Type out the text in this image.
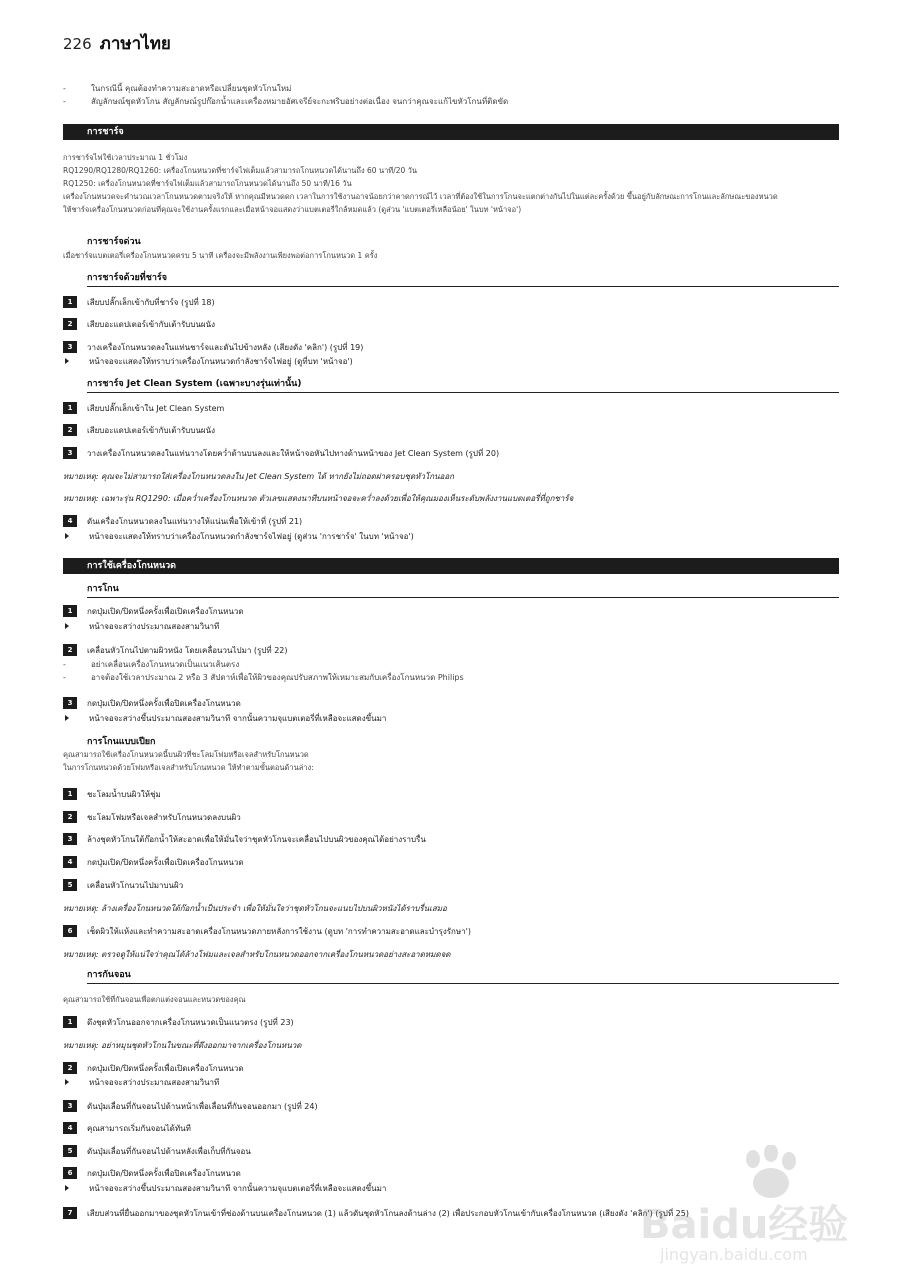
226 ภาษาไทย
- ในกรณีนี้ คุณต้องทำความสะอาดหรือเปลี่ยนชุดหัวโกนใหม่
- สัญลักษณ์ชุดหัวโกน สัญลักษณ์รูปก๊อกน้ำและเครื่องหมายอัศเจรีย์จะกะพริบอย่างต่อเนื่อง จนกว่าคุณจะแก้ไขหัวโกนที่ติดขัด
การชาร์จ
การชาร์จไฟใช้เวลาประมาณ 1 ชั่วโมง
RQ1290/RQ1280/RQ1260: เครื่องโกนหนวดที่ชาร์จไฟเต็มแล้วสามารถโกนหนวดได้นานถึง 60 นาที/20 วัน
RQ1250: เครื่องโกนหนวดที่ชาร์จไฟเต็มแล้วสามารถโกนหนวดได้นานถึง 50 นาที/16 วัน
เครื่องโกนหนวดจะคำนวณเวลาโกนหนวดตามจริงให้ หากคุณมีหนวดดก เวลาในการใช้งานอาจน้อยกว่าคาดการณ์ไว้ เวลาที่ต้องใช้ในการโกนจะแตกต่างกันไปในแต่ละครั้งด้วย ขึ้นอยู่กับลักษณะการโกนและลักษณะของหนวด
ให้ชาร์จเครื่องโกนหนวดก่อนที่คุณจะใช้งานครั้งแรกและเมื่อหน้าจอแสดงว่าแบตเตอรี่ใกล้หมดแล้ว (ดูส่วน 'แบตเตอรี่เหลือน้อย' ในบท 'หน้าจอ')
การชาร์จด่วน
เมื่อชาร์จแบตเตอรี่เครื่องโกนหนวดครบ 5 นาที เครื่องจะมีพลังงานเพียงพอต่อการโกนหนวด 1 ครั้ง
การชาร์จด้วยที่ชาร์จ
1	เสียบปลั๊กเล็กเข้ากับที่ชาร์จ (รูปที่ 18)
2	เสียบอะแดปเตอร์เข้ากับเต้ารับบนผนัง
3	วางเครื่องโกนหนวดลงในแท่นชาร์จและดันไปข้างหลัง (เสียงดัง 'คลิก') (รูปที่ 19)
หน้าจอจะแสดงให้ทราบว่าเครื่องโกนหนวดกำลังชาร์จไฟอยู่ (ดูที่บท 'หน้าจอ')
การชาร์จ Jet Clean System (เฉพาะบางรุ่นเท่านั้น)
1	เสียบปลั๊กเล็กเข้าใน Jet Clean System
2	เสียบอะแดปเตอร์เข้ากับเต้ารับบนผนัง
3	วางเครื่องโกนหนวดลงในแท่นวางโดยคว่ำด้านบนลงและให้หน้าจอหันไปทางด้านหน้าของ Jet Clean System (รูปที่ 20)
หมายเหตุ: คุณจะไม่สามารถใส่เครื่องโกนหนวดลงใน Jet Clean System ได้ หากยังไม่ถอดฝาครอบชุดหัวโกนออก
หมายเหตุ: เฉพาะรุ่น RQ1290: เมื่อคว่ำเครื่องโกนหนวด ตัวเลขแสดงนาทีบนหน้าจอจะคว่ำลงด้วยเพื่อให้คุณมองเห็นระดับพลังงานแบตเตอรี่ที่ถูกชาร์จ
4	ดันเครื่องโกนหนวดลงในแท่นวางให้แน่นเพื่อให้เข้าที่ (รูปที่ 21)
หน้าจอจะแสดงให้ทราบว่าเครื่องโกนหนวดกำลังชาร์จไฟอยู่ (ดูส่วน 'การชาร์จ' ในบท 'หน้าจอ')
การใช้เครื่องโกนหนวด
การโกน
1	กดปุ่มเปิด/ปิดหนึ่งครั้งเพื่อเปิดเครื่องโกนหนวด
หน้าจอจะสว่างประมาณสองสามวินาที
2	เคลื่อนหัวโกนไปตามผิวหนัง โดยเคลื่อนวนไปมา (รูปที่ 22)
- อย่าเคลื่อนเครื่องโกนหนวดเป็นแนวเส้นตรง
- อาจต้องใช้เวลาประมาณ 2 หรือ 3 สัปดาห์เพื่อให้ผิวของคุณปรับสภาพให้เหมาะสมกับเครื่องโกนหนวด Philips
3	กดปุ่มเปิด/ปิดหนึ่งครั้งเพื่อปิดเครื่องโกนหนวด
หน้าจอจะสว่างขึ้นประมาณสองสามวินาที จากนั้นความจุแบตเตอรี่ที่เหลือจะแสดงขึ้นมา
การโกนแบบเปียก
คุณสามารถใช้เครื่องโกนหนวดนี้บนผิวที่ชะโลมโฟมหรือเจลสำหรับโกนหนวด
ในการโกนหนวดด้วยโฟมหรือเจลสำหรับโกนหนวด ให้ทำตามขั้นตอนด้านล่าง:
1	ชะโลมน้ำบนผิวให้ชุ่ม
2	ชะโลมโฟมหรือเจลสำหรับโกนหนวดลงบนผิว
3	ล้างชุดหัวโกนใต้ก๊อกน้ำให้สะอาดเพื่อให้มั่นใจว่าชุดหัวโกนจะเคลื่อนไปบนผิวของคุณได้อย่างราบรื่น
4	กดปุ่มเปิด/ปิดหนึ่งครั้งเพื่อเปิดเครื่องโกนหนวด
5	เคลื่อนหัวโกนวนไปมาบนผิว
หมายเหตุ: ล้างเครื่องโกนหนวดใต้ก๊อกน้ำเป็นประจำ เพื่อให้มั่นใจว่าชุดหัวโกนจะแนบไปบนผิวหนังได้ราบรื่นเสมอ
6	เช็ดผิวให้แห้งและทำความสะอาดเครื่องโกนหนวดภายหลังการใช้งาน (ดูบท 'การทำความสะอาดและบำรุงรักษา')
หมายเหตุ: ตรวจดูให้แน่ใจว่าคุณได้ล้างโฟมและเจลสำหรับโกนหนวดออกจากเครื่องโกนหนวดอย่างสะอาดหมดจด
การกันจอน
คุณสามารถใช้ที่กันจอนเพื่อตกแต่งจอนและหนวดของคุณ
1	ดึงชุดหัวโกนออกจากเครื่องโกนหนวดเป็นแนวตรง (รูปที่ 23)
หมายเหตุ: อย่าหมุนชุดหัวโกนในขณะที่ดึงออกมาจากเครื่องโกนหนวด
2	กดปุ่มเปิด/ปิดหนึ่งครั้งเพื่อเปิดเครื่องโกนหนวด
หน้าจอจะสว่างประมาณสองสามวินาที
3	ดันปุ่มเลื่อนที่กันจอนไปด้านหน้าเพื่อเลื่อนที่กันจอนออกมา (รูปที่ 24)
4	คุณสามารถเริ่มกันจอนได้ทันที
5	ดันปุ่มเลื่อนที่กันจอนไปด้านหลังเพื่อเก็บที่กันจอน
6	กดปุ่มเปิด/ปิดหนึ่งครั้งเพื่อปิดเครื่องโกนหนวด
หน้าจอจะสว่างขึ้นประมาณสองสามวินาที จากนั้นความจุแบตเตอรี่ที่เหลือจะแสดงขึ้นมา
7	เสียบส่วนที่ยื่นออกมาของชุดหัวโกนเข้าที่ช่องด้านบนเครื่องโกนหนวด (1) แล้วดันชุดหัวโกนลงด้านล่าง (2) เพื่อประกอบหัวโกนเข้ากับเครื่องโกนหนวด (เสียงดัง 'คลิก') (รูปที่ 25)
Baidu经验
jingyan.baidu.com
